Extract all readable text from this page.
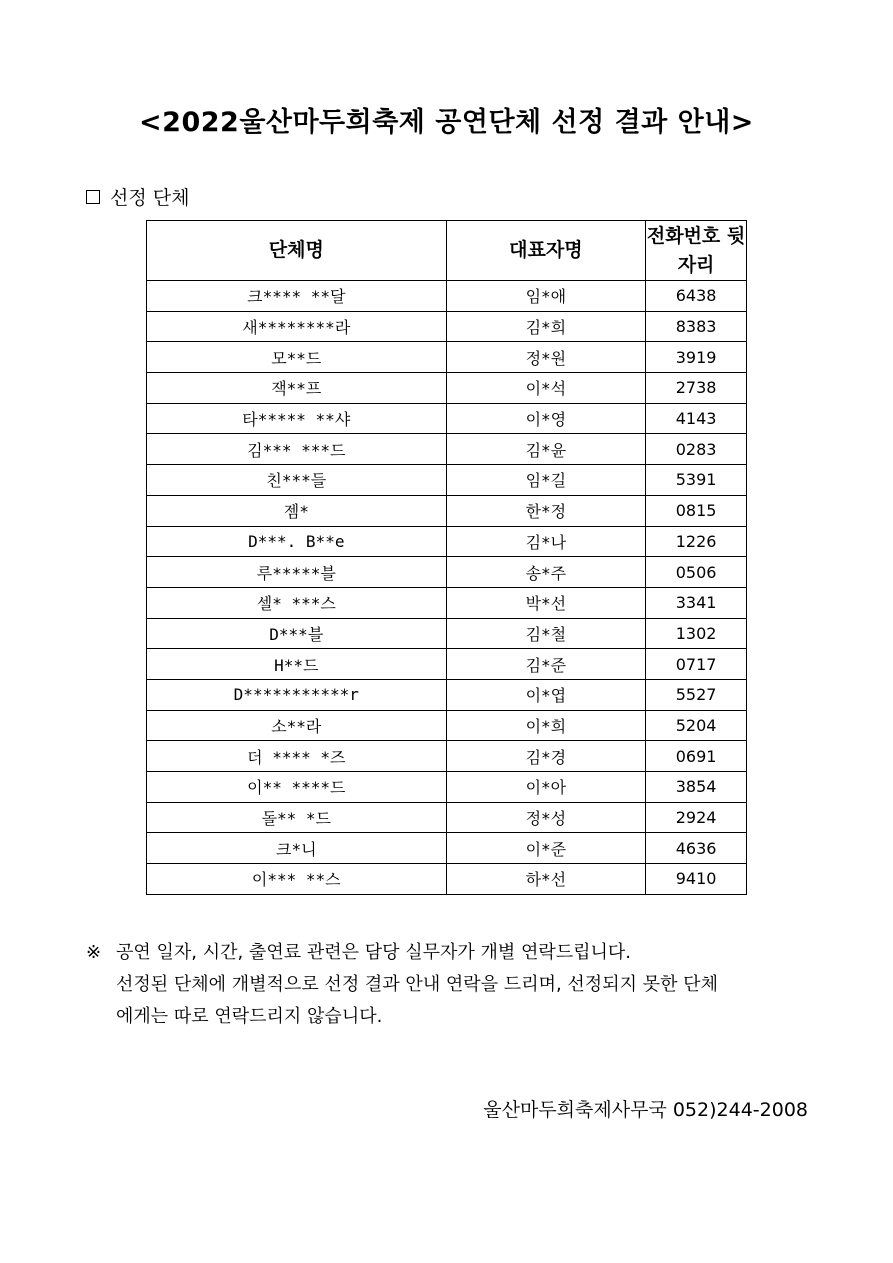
<2022울산마두희축제 공연단체 선정 결과 안내>
선정 단체
단체명	대표자명	전화번호 뒷자리
크**** **달	임*애	6438
새********라	김*희	8383
모**드	정*원	3919
잭**프	이*석	2738
타***** **샤	이*영	4143
김*** ***드	김*윤	0283
친***들	임*길	5391
젬*	한*정	0815
D***. B**e	김*나	1226
루*****블	송*주	0506
셀* ***스	박*선	3341
D***블	김*철	1302
H**드	김*준	0717
D***********r	이*엽	5527
소**라	이*희	5204
더 **** *즈	김*경	0691
이** ****드	이*아	3854
돌** *드	정*성	2924
크*니	이*준	4636
이*** **스	하*선	9410
※ 공연 일자, 시간, 출연료 관련은 담당 실무자가 개별 연락드립니다.
선정된 단체에 개별적으로 선정 결과 안내 연락을 드리며, 선정되지 못한 단체
에게는 따로 연락드리지 않습니다.
울산마두희축제사무국 052)244-2008
